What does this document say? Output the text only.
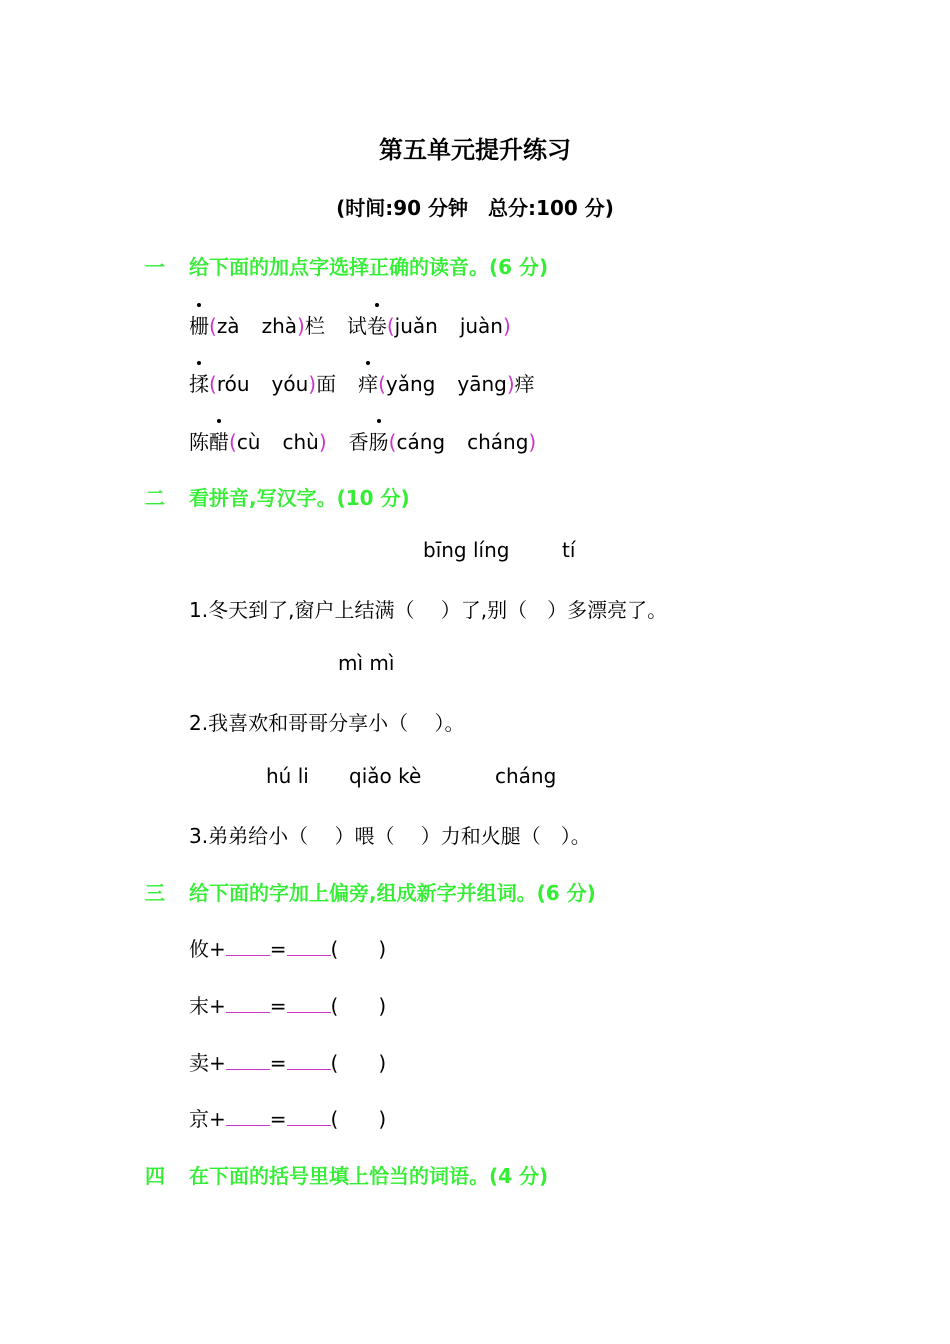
第五单元提升练习
(时间:90 分钟　总分:100 分)
一 给下面的加点字选择正确的读音。(6 分)
栅(zà zhà)栏 试卷(juǎn juàn)
揉(róu yóu)面 痒(yǎng yāng)痒
陈醋(cù chù) 香肠(cáng cháng)
二 看拼音,写汉字。(10 分)
bīng líng	tí
1.冬天到了,窗户上结满（　 ）了,别（　）多漂亮了。
mì mì
2.我喜欢和哥哥分享小（　 ）。
hú li qiǎo kè	cháng
3.弟弟给小（　 ）喂（　 ）力和火腿（　）。
三 给下面的字加上偏旁,组成新字并组词。(6 分)
攸+ = (　　)
末+ = (　　)
卖+ = (　　)
京+ = (　　)
四 在下面的括号里填上恰当的词语。(4 分)
